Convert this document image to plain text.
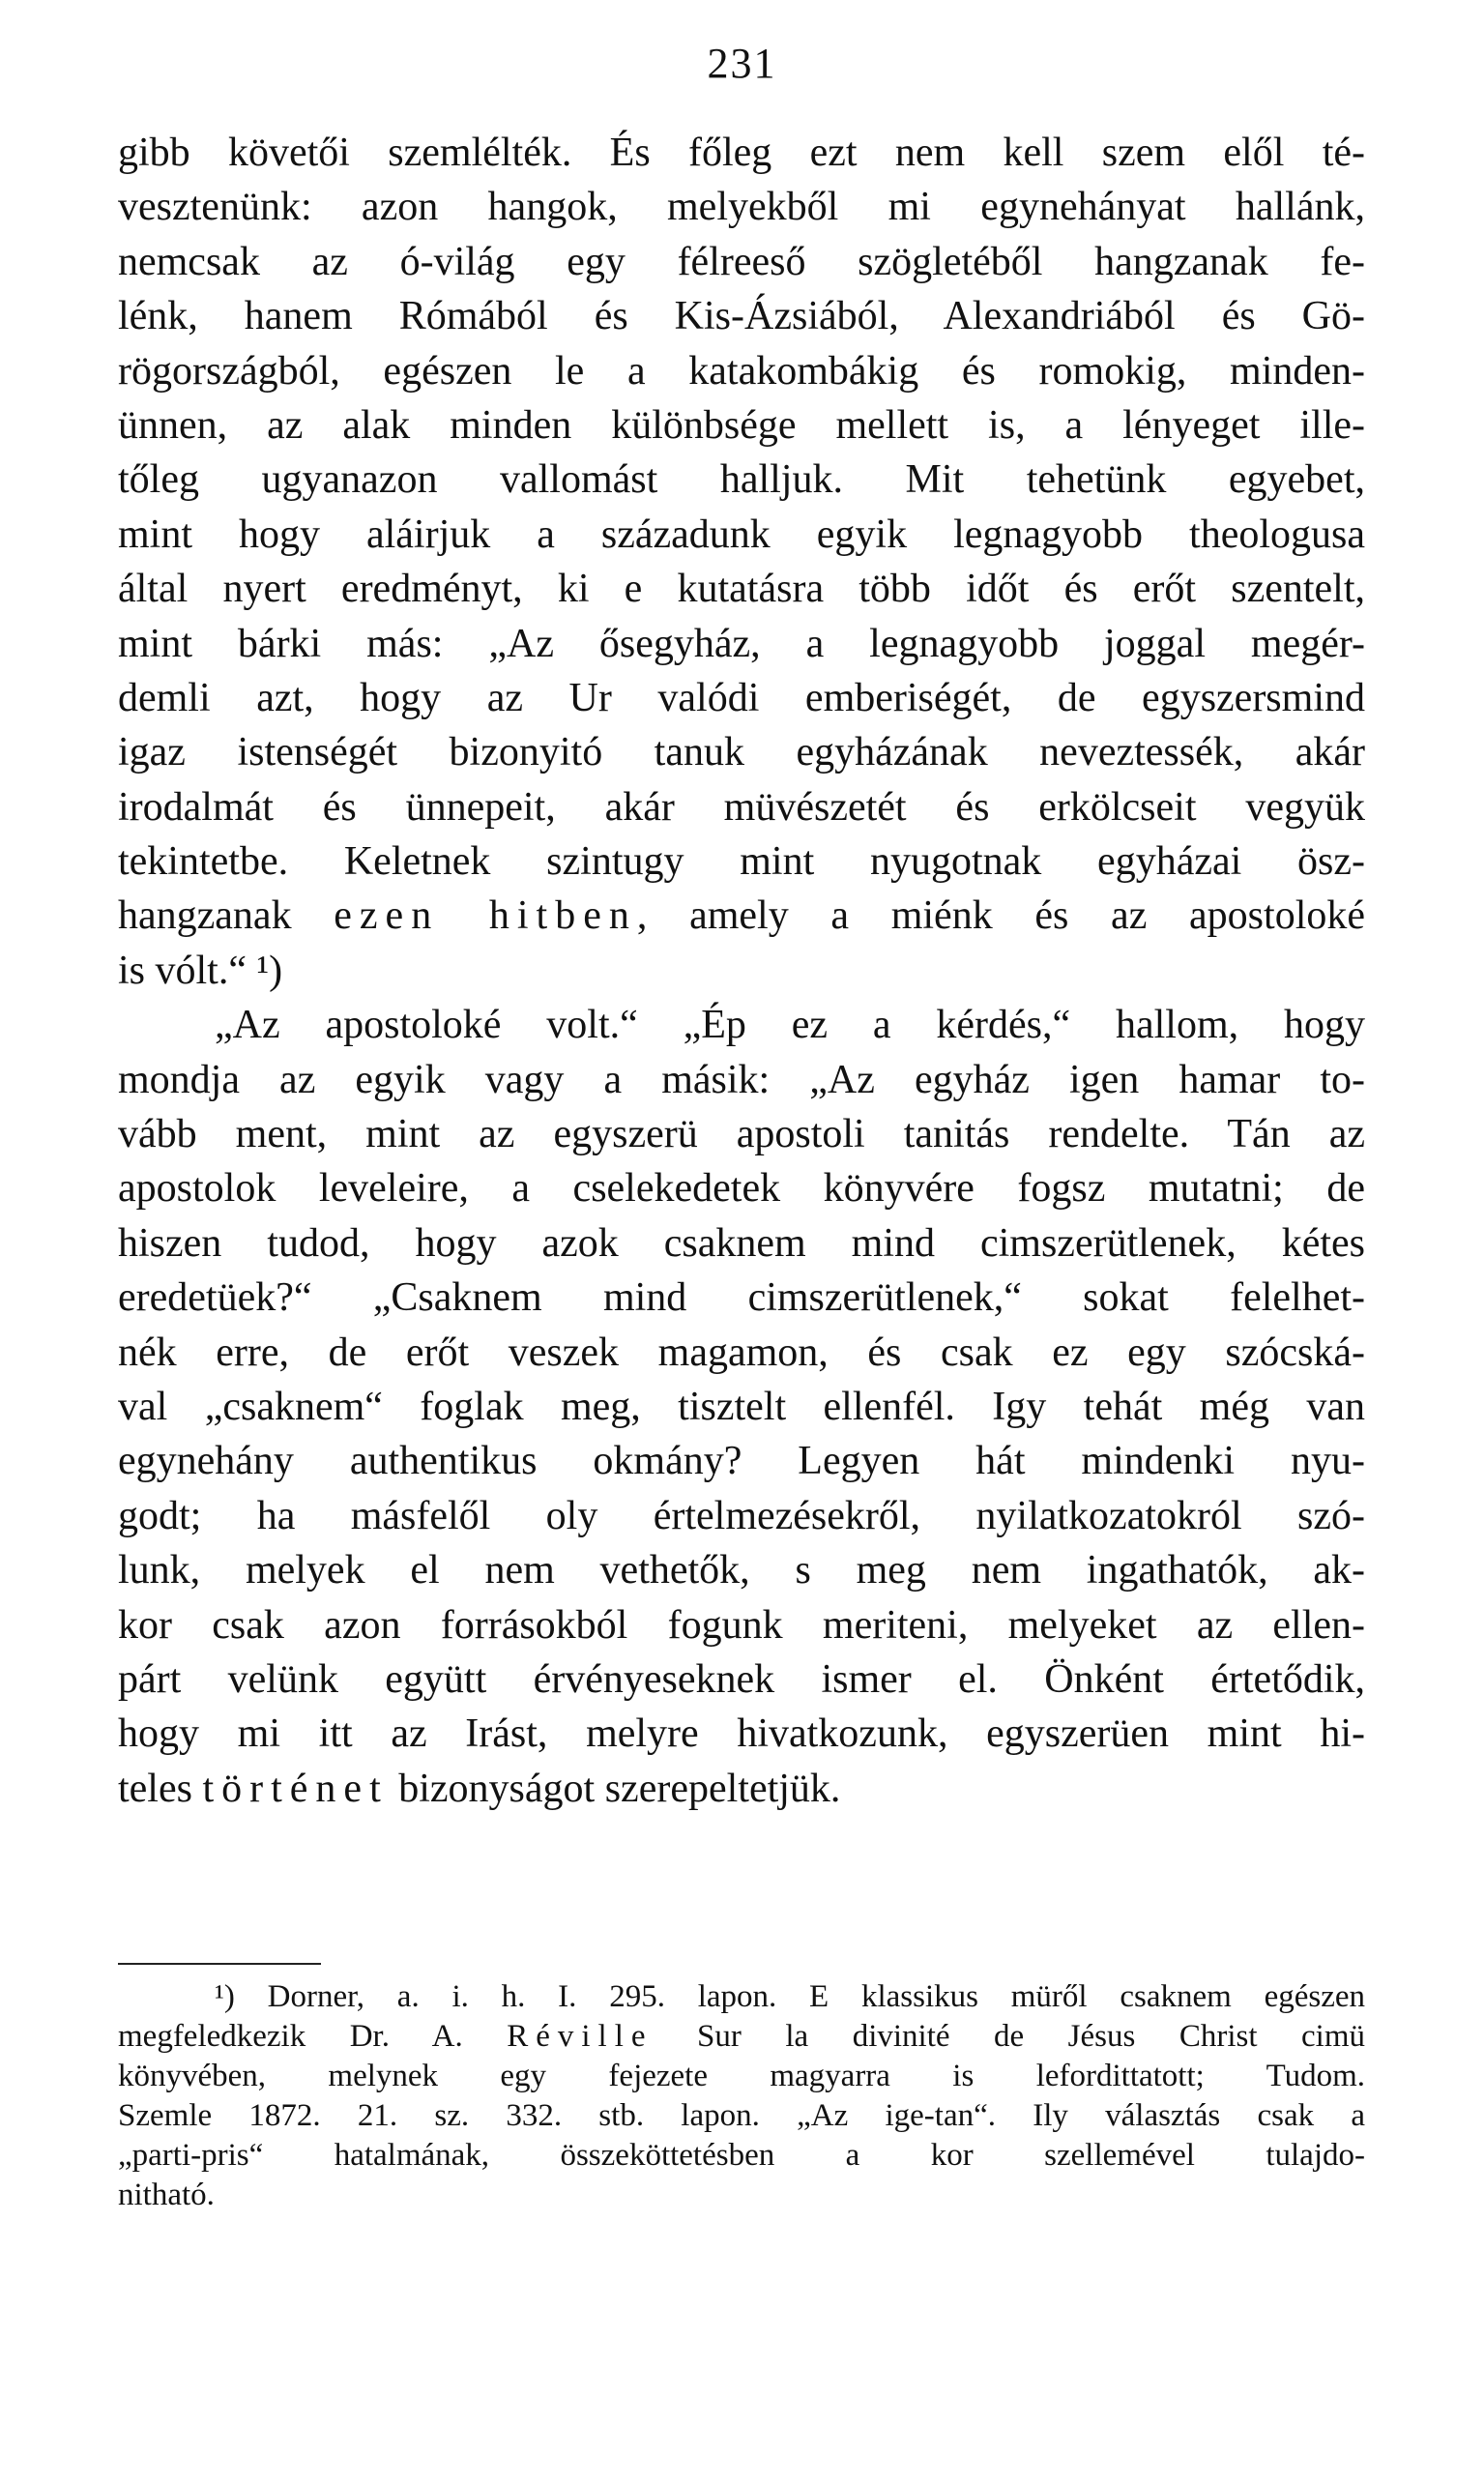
231
gibb követői szemlélték. És főleg ezt nem kell szem elől té-
vesztenünk: azon hangok, melyekből mi egynehányat hallánk,
nemcsak az ó-világ egy félreeső szögletéből hangzanak fe-
lénk, hanem Rómából és Kis-Ázsiából, Alexandriából és Gö-
rögországból, egészen le a katakombákig és romokig, minden-
ünnen, az alak minden különbsége mellett is, a lényeget ille-
tőleg ugyanazon vallomást halljuk. Mit tehetünk egyebet,
mint hogy aláirjuk a századunk egyik legnagyobb theologusa
által nyert eredményt, ki e kutatásra több időt és erőt szentelt,
mint bárki más: „Az ősegyház, a legnagyobb joggal megér-
demli azt, hogy az Ur valódi emberiségét, de egyszersmind
igaz istenségét bizonyitó tanuk egyházának neveztessék, akár
irodalmát és ünnepeit, akár müvészetét és erkölcseit vegyük
tekintetbe. Keletnek szintugy mint nyugotnak egyházai ösz-
hangzanak ezen hitben, amely a miénk és az apostoloké
is vólt.“ ¹)
„Az apostoloké volt.“ „Ép ez a kérdés,“ hallom, hogy
mondja az egyik vagy a másik: „Az egyház igen hamar to-
vább ment, mint az egyszerü apostoli tanitás rendelte. Tán az
apostolok leveleire, a cselekedetek könyvére fogsz mutatni; de
hiszen tudod, hogy azok csaknem mind cimszerütlenek, kétes
eredetüek?“ „Csaknem mind cimszerütlenek,“ sokat felelhet-
nék erre, de erőt veszek magamon, és csak ez egy szócská-
val „csaknem“ foglak meg, tisztelt ellenfél. Igy tehát még van
egynehány authentikus okmány? Legyen hát mindenki nyu-
godt; ha másfelől oly értelmezésekről, nyilatkozatokról szó-
lunk, melyek el nem vethetők, s meg nem ingathatók, ak-
kor csak azon forrásokból fogunk meriteni, melyeket az ellen-
párt velünk együtt érvényeseknek ismer el. Önként értetődik,
hogy mi itt az Irást, melyre hivatkozunk, egyszerüen mint hi-
teles történet bizonyságot szerepeltetjük.
¹) Dorner, a. i. h. I. 295. lapon. E klassikus müről csaknem egészen
megfeledkezik Dr. A. Réville Sur la divinité de Jésus Christ cimü
könyvében, melynek egy fejezete magyarra is lefordittatott; Tudom.
Szemle 1872. 21. sz. 332. stb. lapon. „Az ige-tan“. Ily választás csak a
„parti-pris“ hatalmának, összeköttetésben a kor szellemével tulajdo-
nitható.
